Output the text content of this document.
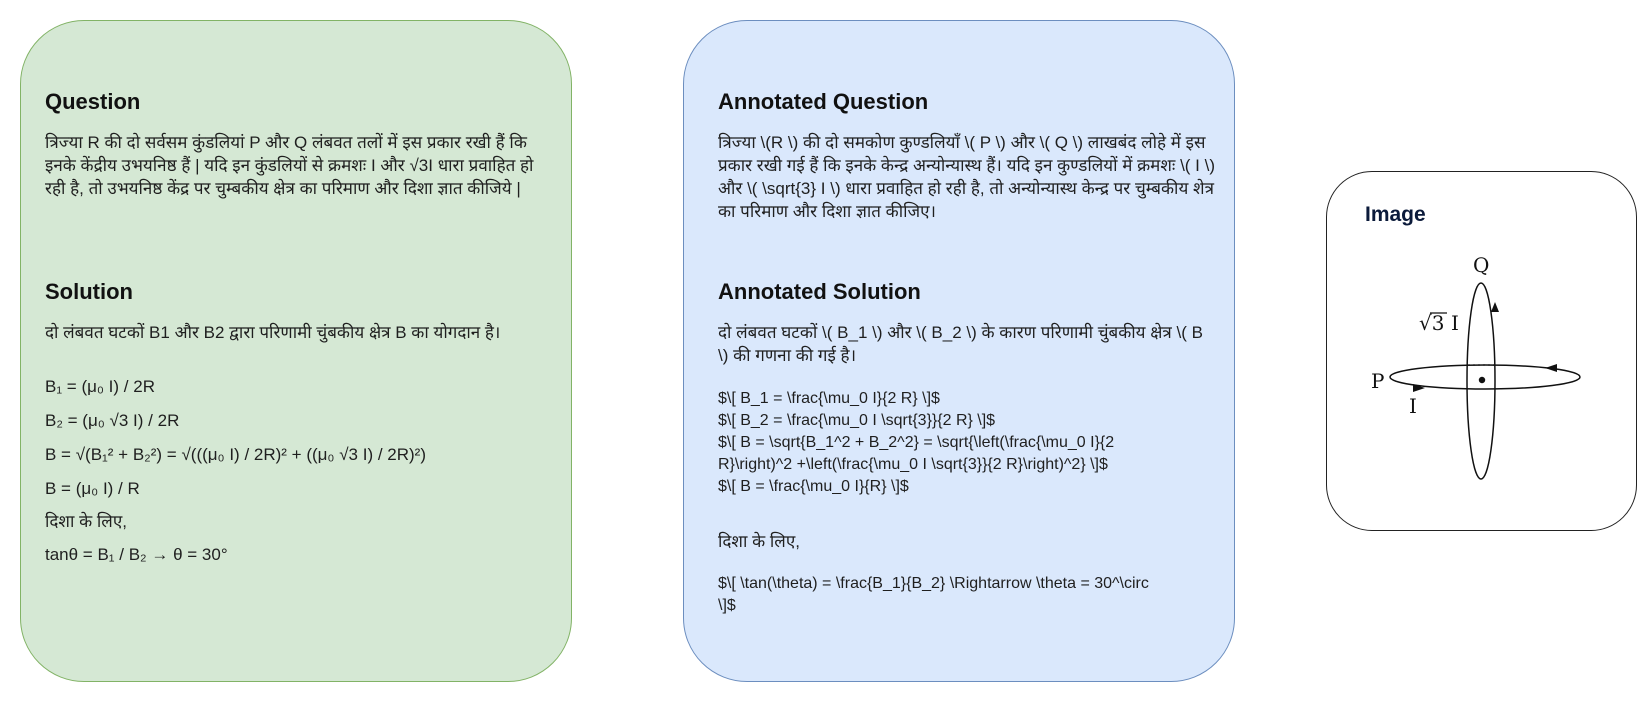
Question
त्रिज्या R की दो सर्वसम कुंडलियां P और Q लंबवत तलों में इस प्रकार रखी हैं कि इनके केंद्रीय उभयनिष्ठ हैं | यदि इन कुंडलियों से क्रमशः I और √3I धारा प्रवाहित हो रही है, तो उभयनिष्ठ केंद्र पर चुम्बकीय क्षेत्र का परिमाण और दिशा ज्ञात कीजिये |
Solution
दो लंबवत घटकों B1 और B2 द्वारा परिणामी चुंबकीय क्षेत्र B का योगदान है।
B₁ = (μ₀ I) / 2R
B₂ = (μ₀ √3 I) / 2R
B = √(B₁² + B₂²) = √(((μ₀ I) / 2R)² + ((μ₀ √3 I) / 2R)²)
B = (μ₀ I) / R
दिशा के लिए,
tanθ = B₁ / B₂ → θ = 30°
Annotated Question
त्रिज्या \(R \) की दो समकोण कुण्डलियाँ \( P \) और \( Q \) लाखबंद लोहे में इस प्रकार रखी गई हैं कि इनके केन्द्र अन्योन्यास्थ हैं। यदि इन कुण्डलियों में क्रमशः \( I \) और \( \sqrt{3} I \) धारा प्रवाहित हो रही है, तो अन्योन्यास्थ केन्द्र पर चुम्बकीय शेत्र का परिमाण और दिशा ज्ञात कीजिए।
Annotated Solution
दो लंबवत घटकों \( B_1 \) और \( B_2 \) के कारण परिणामी चुंबकीय क्षेत्र \( B \) की गणना की गई है।
$\[ B_1 = \frac{\mu_0 I}{2 R} \]$
$\[ B_2 = \frac{\mu_0 I \sqrt{3}}{2 R} \]$
$\[ B = \sqrt{B_1^2 + B_2^2} = \sqrt{\left(\frac{\mu_0 I}{2
R}\right)^2 +\left(\frac{\mu_0 I \sqrt{3}}{2 R}\right)^2} \]$
$\[ B = \frac{\mu_0 I}{R} \]$
दिशा के लिए,
$\[ \tan(\theta) = \frac{B_1}{B_2} \Rightarrow \theta = 30^\circ
\]$
Image
Q
P
√3 I
I
